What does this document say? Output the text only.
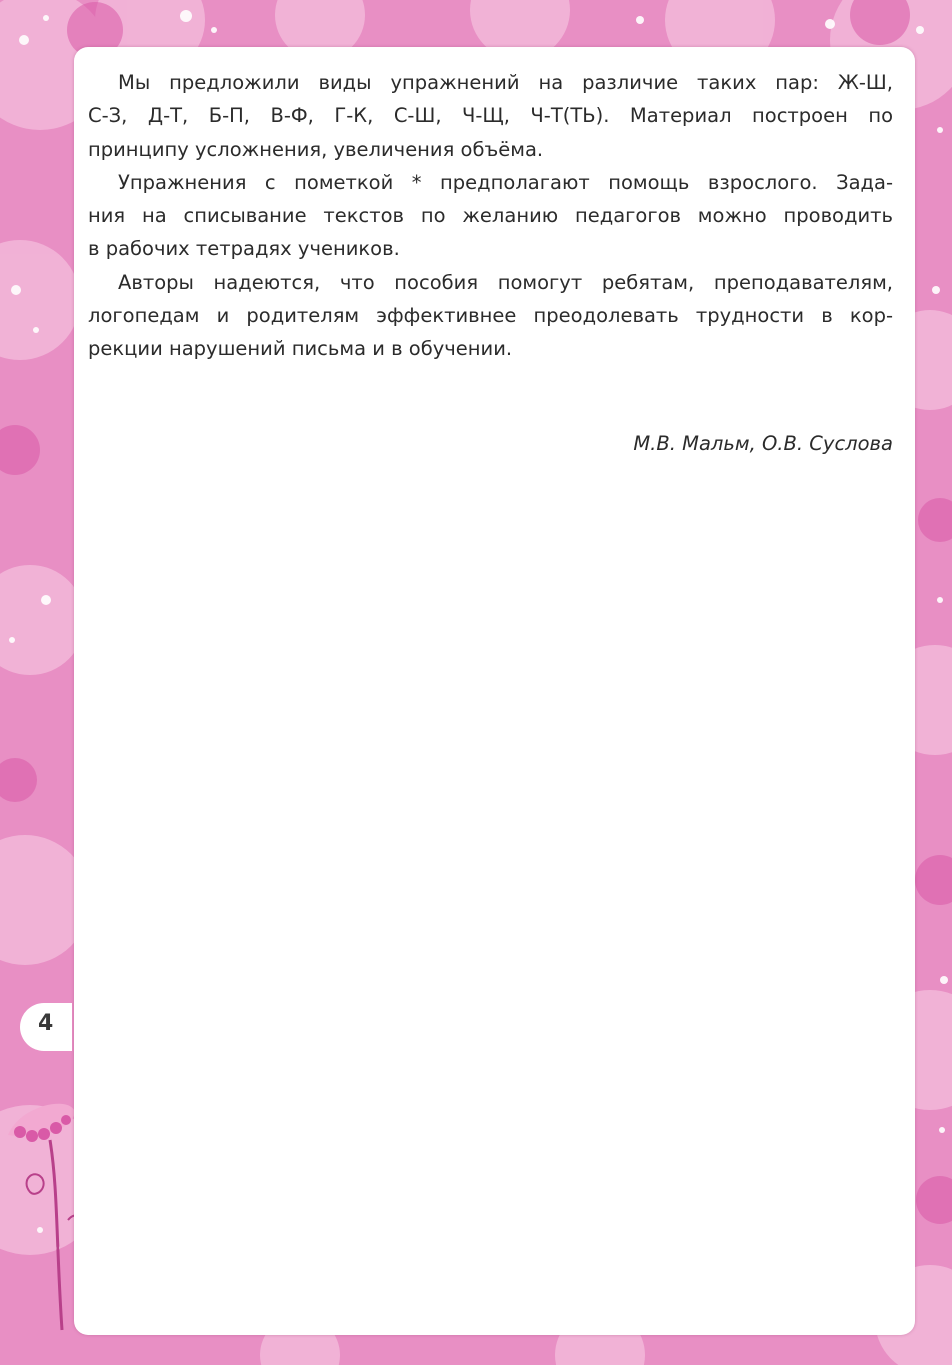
Мы предложили виды упражнений на различие таких пар: Ж-Ш,
С-З, Д-Т, Б-П, В-Ф, Г-К, С-Ш, Ч-Щ, Ч-Т(ТЬ). Материал построен по
принципу усложнения, увеличения объёма.
Упражнения с пометкой * предполагают помощь взрослого. Зада-
ния на списывание текстов по желанию педагогов можно проводить
в рабочих тетрадях учеников.
Авторы надеются, что пособия помогут ребятам, преподавателям,
логопедам и родителям эффективнее преодолевать трудности в кор-
рекции нарушений письма и в обучении.
М.В. Мальм, О.В. Суслова
4
